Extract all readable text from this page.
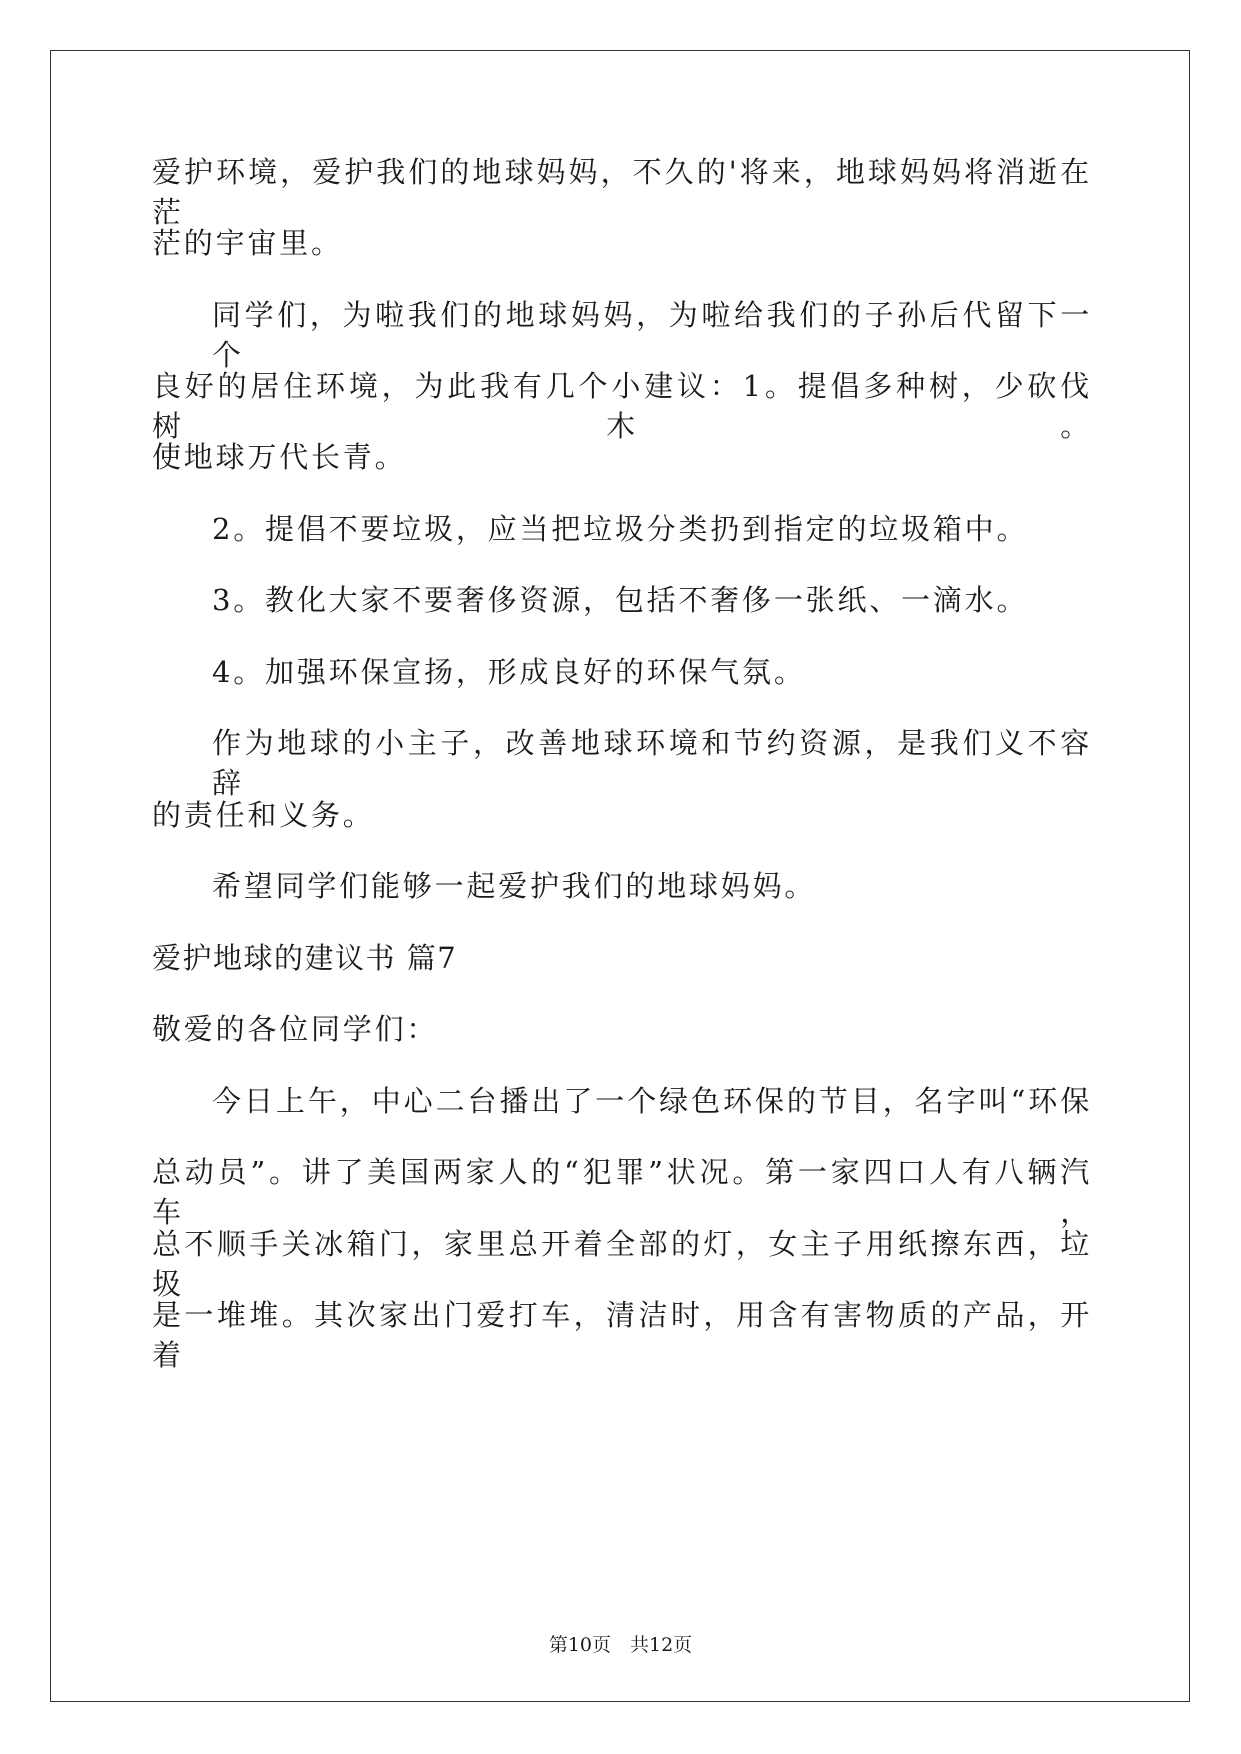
爱护环境，爱护我们的地球妈妈，不久的'将来，地球妈妈将消逝在茫
茫的宇宙里。
同学们，为啦我们的地球妈妈，为啦给我们的子孙后代留下一个
良好的居住环境，为此我有几个小建议：1。提倡多种树，少砍伐树木。
使地球万代长青。
2。提倡不要垃圾，应当把垃圾分类扔到指定的垃圾箱中。
3。教化大家不要奢侈资源，包括不奢侈一张纸、一滴水。
4。加强环保宣扬，形成良好的环保气氛。
作为地球的小主子，改善地球环境和节约资源，是我们义不容辞
的责任和义务。
希望同学们能够一起爱护我们的地球妈妈。
爱护地球的建议书 篇7
敬爱的各位同学们：
今日上午，中心二台播出了一个绿色环保的节目，名字叫“环保
总动员”。讲了美国两家人的“犯罪”状况。第一家四口人有八辆汽车，
总不顺手关冰箱门，家里总开着全部的灯，女主子用纸擦东西，垃圾
是一堆堆。其次家出门爱打车，清洁时，用含有害物质的产品，开着
第10页　共12页
